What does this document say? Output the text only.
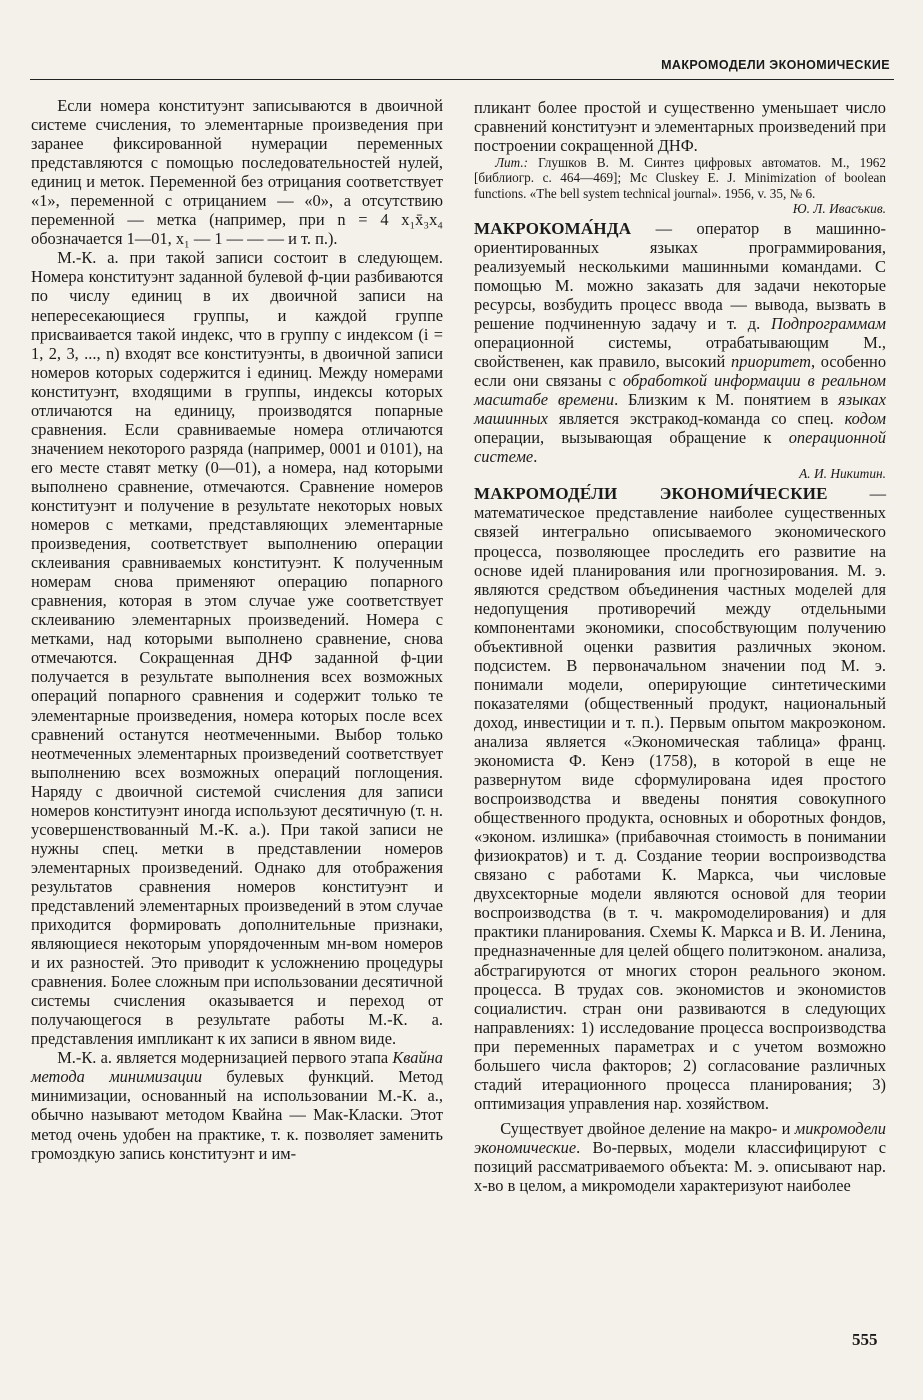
МАКРОМОДЕЛИ ЭКОНОМИЧЕСКИЕ

Если номера конституэнт записываются в двоичной системе счисления, то элементарные произведения при заранее фиксированной нумерации переменных представляются с помощью последовательностей нулей, единиц и меток. Переменной без отрицания соответствует «1», переменной с отрицанием — «0», а отсутствию переменной — метка (например, при n = 4 x₁x̄₃x₄ обозначается 1—01, x₁ — 1 — — — и т. п.).

М.-К. а. при такой записи состоит в следующем. Номера конституэнт заданной булевой ф-ции разбиваются по числу единиц в их двоичной записи на непересекающиеся группы, и каждой группе присваивается такой индекс, что в группу с индексом (i = 1, 2, 3, ..., n) входят все конституэнты, в двоичной записи номеров которых содержится i единиц. Между номерами конституэнт, входящими в группы, индексы которых отличаются на единицу, производятся попарные сравнения. Если сравниваемые номера отличаются значением некоторого разряда (например, 0001 и 0101), на его месте ставят метку (0—01), а номера, над которыми выполнено сравнение, отмечаются. Сравнение номеров конституэнт и получение в результате некоторых новых номеров с метками, представляющих элементарные произведения, соответствует выполнению операции склеивания сравниваемых конституэнт. К полученным номерам снова применяют операцию попарного сравнения, которая в этом случае уже соответствует склеиванию элементарных произведений. Номера с метками, над которыми выполнено сравнение, снова отмечаются. Сокращенная ДНФ заданной ф-ции получается в результате выполнения всех возможных операций попарного сравнения и содержит только те элементарные произведения, номера которых после всех сравнений останутся неотмеченными. Выбор только неотмеченных элементарных произведений соответствует выполнению всех возможных операций поглощения. Наряду с двоичной системой счисления для записи номеров конституэнт иногда используют десятичную (т. н. усовершенствованный М.-К. а.). При такой записи не нужны спец. метки в представлении номеров элементарных произведений. Однако для отображения результатов сравнения номеров конституэнт и представлений элементарных произведений в этом случае приходится формировать дополнительные признаки, являющиеся некоторым упорядоченным мн-вом номеров и их разностей. Это приводит к усложнению процедуры сравнения. Более сложным при использовании десятичной системы счисления оказывается и переход от получающегося в результате работы М.-К. а. представления импликант к их записи в явном виде.

М.-К. а. является модернизацией первого этапа Квайна метода минимизации булевых функций. Метод минимизации, основанный на использовании М.-К. а., обычно называют методом Квайна — Мак-Класки. Этот метод очень удобен на практике, т. к. позволяет заменить громоздкую запись конституэнт и им-

пликант более простой и существенно уменьшает число сравнений конституэнт и элементарных произведений при построении сокращенной ДНФ.

Лит.: Глушков В. М. Синтез цифровых автоматов. М., 1962 [библиогр. с. 464—469]; Mc Cluskey E. J. Minimization of boolean functions. «The bell system technical journal». 1956, v. 35, № 6.

Ю. Л. Ивасъкив.

МАКРОКОМА́НДА — оператор в машинно-ориентированных языках программирования, реализуемый несколькими машинными командами. С помощью М. можно заказать для задачи некоторые ресурсы, возбудить процесс ввода — вывода, вызвать в решение подчиненную задачу и т. д. Подпрограммам операционной системы, отрабатывающим М., свойственен, как правило, высокий приоритет, особенно если они связаны с обработкой информации в реальном масштабе времени. Близким к М. понятием в языках машинных является экстракод-команда со спец. кодом операции, вызывающая обращение к операционной системе.

А. И. Никитин.

МАКРОМОДЕ́ЛИ ЭКОНОМИ́ЧЕСКИЕ — математическое представление наиболее существенных связей интегрально описываемого экономического процесса, позволяющее проследить его развитие на основе идей планирования или прогнозирования. М. э. являются средством объединения частных моделей для недопущения противоречий между отдельными компонентами экономики, способствующим получению объективной оценки развития различных эконом. подсистем. В первоначальном значении под М. э. понимали модели, оперирующие синтетическими показателями (общественный продукт, национальный доход, инвестиции и т. п.). Первым опытом макроэконом. анализа является «Экономическая таблица» франц. экономиста Ф. Кенэ (1758), в которой в еще не развернутом виде сформулирована идея простого воспроизводства и введены понятия совокупного общественного продукта, основных и оборотных фондов, «эконом. излишка» (прибавочная стоимость в понимании физиократов) и т. д. Создание теории воспроизводства связано с работами К. Маркса, чьи числовые двухсекторные модели являются основой для теории воспроизводства (в т. ч. макромоделирования) и для практики планирования. Схемы К. Маркса и В. И. Ленина, предназначенные для целей общего политэконом. анализа, абстрагируются от многих сторон реального эконом. процесса. В трудах сов. экономистов и экономистов социалистич. стран они развиваются в следующих направлениях: 1) исследование процесса воспроизводства при переменных параметрах и с учетом возможно большего числа факторов; 2) согласование различных стадий итерационного процесса планирования; 3) оптимизация управления нар. хозяйством.

Существует двойное деление на макро- и микромодели экономические. Во-первых, модели классифицируют с позиций рассматриваемого объекта: М. э. описывают нар. х-во в целом, а микромодели характеризуют наиболее

555
